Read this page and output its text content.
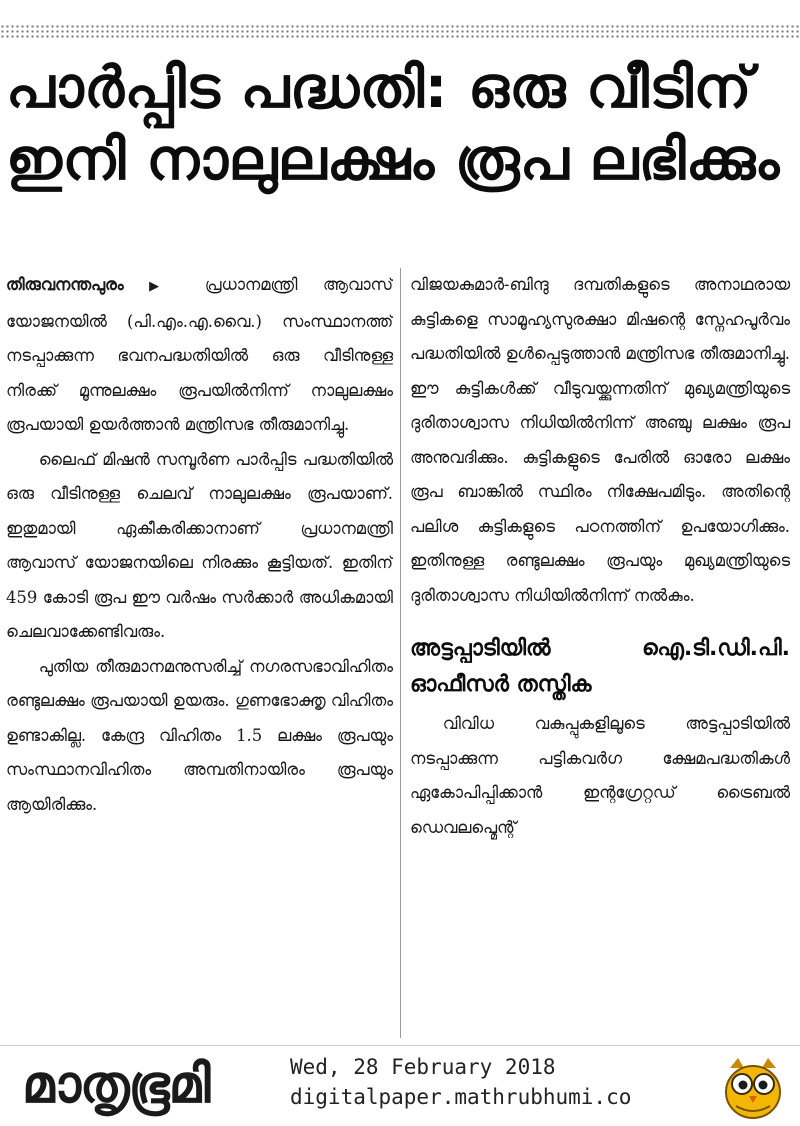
പാർപ്പിട പദ്ധതി: ഒരു വീടിന് ഇനി നാലുലക്ഷം രൂപ ലഭിക്കും

തിരുവനന്തപുരം ▶ പ്രധാനമന്ത്രി ആവാസ് യോജനയിൽ (പി.എം.എ.വൈ.) സംസ്ഥാനത്ത് നടപ്പാക്കുന്ന ഭവനപദ്ധതിയിൽ ഒരു വീടിനുള്ള നിരക്ക് മൂന്നുലക്ഷം രൂപയിൽനിന്ന് നാലുലക്ഷം രൂപയായി ഉയർത്താൻ മന്ത്രിസഭ തീരുമാനിച്ചു.

ലൈഫ് മിഷൻ സമ്പൂർണ പാർപ്പിട പദ്ധതിയിൽ ഒരു വീടിനുള്ള ചെലവ് നാലുലക്ഷം രൂപയാണ്. ഇതുമായി ഏകീകരിക്കാനാണ് പ്രധാനമന്ത്രി ആവാസ് യോജനയിലെ നിരക്കും കൂട്ടിയത്. ഇതിന് 459 കോടി രൂപ ഈ വർഷം സർക്കാർ അധികമായി ചെലവാക്കേണ്ടിവരും.

പുതിയ തീരുമാനമനുസരിച്ച് നഗരസഭാവിഹിതം രണ്ടുലക്ഷം രൂപയായി ഉയരും. ഗുണഭോക്തൃ വിഹിതം ഉണ്ടാകില്ല. കേന്ദ്ര വിഹിതം 1.5 ലക്ഷം രൂപയും സംസ്ഥാനവിഹിതം അമ്പതിനായിരം രൂപയും ആയിരിക്കും.

വിജയകുമാർ-ബിന്ദു ദമ്പതികളുടെ അനാഥരായ കുട്ടികളെ സാമൂഹ്യസുരക്ഷാ മിഷന്റെ സ്നേഹപൂർവം പദ്ധതിയിൽ ഉൾപ്പെടുത്താൻ മന്ത്രിസഭ തീരുമാനിച്ചു. ഈ കുട്ടികൾക്ക് വീടുവയ്ക്കുന്നതിന് മുഖ്യമന്ത്രിയുടെ ദുരിതാശ്വാസ നിധിയിൽനിന്ന് അഞ്ചു ലക്ഷം രൂപ അനുവദിക്കും. കുട്ടികളുടെ പേരിൽ ഓരോ ലക്ഷം രൂപ ബാങ്കിൽ സ്ഥിരം നിക്ഷേപമിടും. അതിന്റെ പലിശ കുട്ടികളുടെ പഠനത്തിന് ഉപയോഗിക്കും. ഇതിനുള്ള രണ്ടുലക്ഷം രൂപയും മുഖ്യമന്ത്രിയുടെ ദുരിതാശ്വാസ നിധിയിൽനിന്ന് നൽകും.

അട്ടപ്പാടിയിൽ ഐ.ടി.ഡി.പി. ഓഫീസർ തസ്തിക

വിവിധ വകുപ്പുകളിലൂടെ അട്ടപ്പാടിയിൽ നടപ്പാക്കുന്ന പട്ടികവർഗ ക്ഷേമപദ്ധതികൾ ഏകോപിപ്പിക്കാൻ ഇന്റഗ്രേറ്റഡ് ട്രൈബൽ ഡെവലപ്മെന്റ്

മാതൃഭൂമി	Wed, 28 February 2018
digitalpaper.mathrubhumi.co
